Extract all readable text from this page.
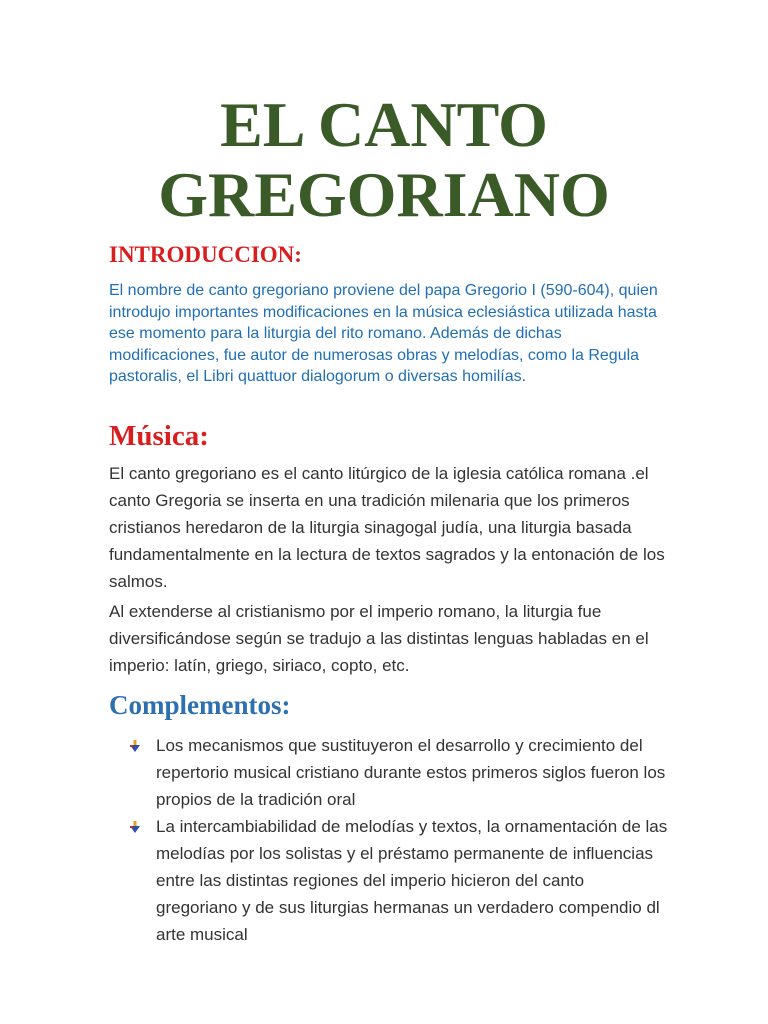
EL CANTO
GREGORIANO
INTRODUCCION:

El nombre de canto gregoriano proviene del papa Gregorio I (590-604), quien introdujo importantes modificaciones en la música eclesiástica utilizada hasta ese momento para la liturgia del rito romano. Además de dichas modificaciones, fue autor de numerosas obras y melodías, como la Regula pastoralis, el Libri quattuor dialogorum o diversas homilías.

Música:

El canto gregoriano es el canto litúrgico de la iglesia católica romana .el canto Gregoria se inserta en una tradición milenaria que los primeros cristianos heredaron de la liturgia sinagogal judía, una liturgia basada fundamentalmente en la lectura de textos sagrados y la entonación de los salmos.

Al extenderse al cristianismo por el imperio romano, la liturgia fue diversificándose según se tradujo a las distintas lenguas habladas en el imperio: latín, griego, siriaco, copto, etc.

Complementos:
Los mecanismos que sustituyeron el desarrollo y crecimiento del repertorio musical cristiano durante estos primeros siglos fueron los propios de la tradición oral
La intercambiabilidad de melodías y textos, la ornamentación de las melodías por los solistas y el préstamo permanente de influencias entre las distintas regiones del imperio hicieron del canto gregoriano y de sus liturgias hermanas un verdadero compendio dl arte musical
